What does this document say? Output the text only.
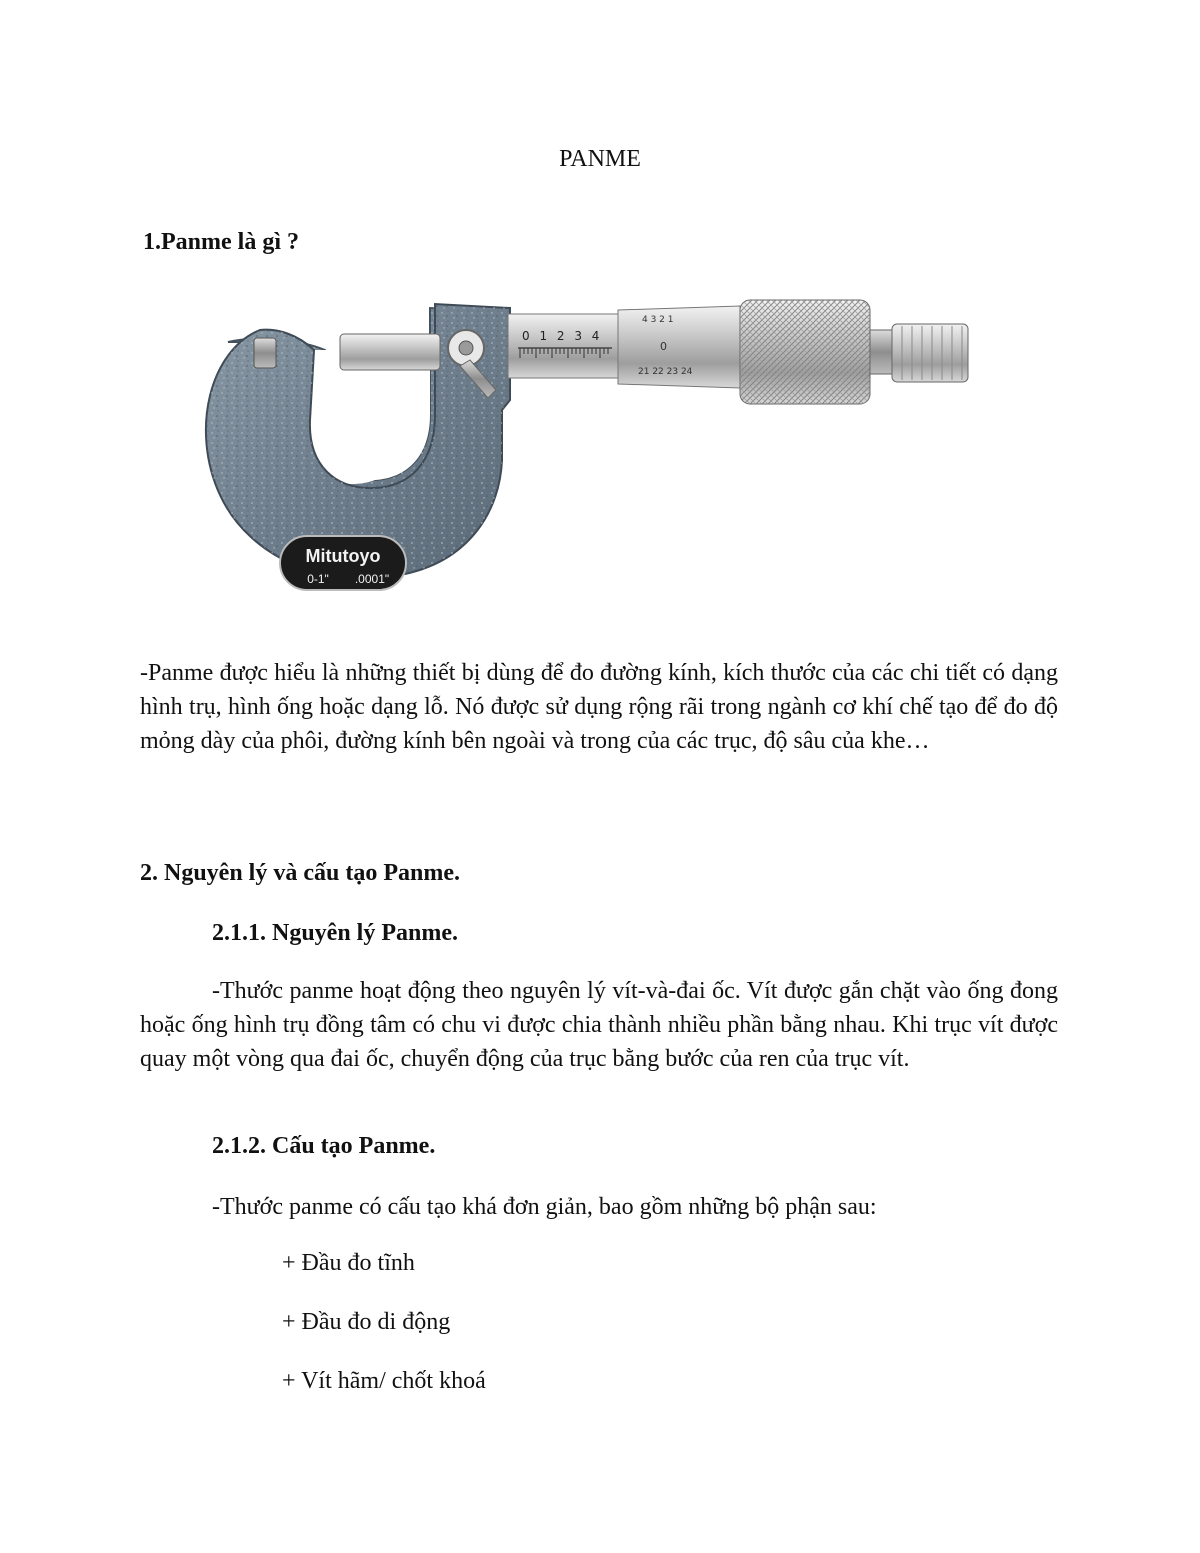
PANME

1.Panme là gì ?

0 1 2 3 4
4 3 2 1
0
21 22 23 24
Mitutoyo
0-1" .0001"

-Panme được hiểu là những thiết bị dùng để đo đường kính, kích thước của các chi tiết có dạng hình trụ, hình ống hoặc dạng lỗ. Nó được sử dụng rộng rãi trong ngành cơ khí chế tạo để đo độ mỏng dày của phôi, đường kính bên ngoài và trong của các trục, độ sâu của khe…

2. Nguyên lý và cấu tạo Panme.

2.1.1. Nguyên lý Panme.

-Thước panme hoạt động theo nguyên lý vít-và-đai ốc. Vít được gắn chặt vào ống đong hoặc ống hình trụ đồng tâm có chu vi được chia thành nhiều phần bằng nhau. Khi trục vít được quay một vòng qua đai ốc, chuyển động của trục bằng bước của ren của trục vít.

2.1.2. Cấu tạo Panme.

-Thước panme có cấu tạo khá đơn giản, bao gồm những bộ phận sau:

+ Đầu đo tĩnh

+ Đầu đo di động

+ Vít hãm/ chốt khoá
